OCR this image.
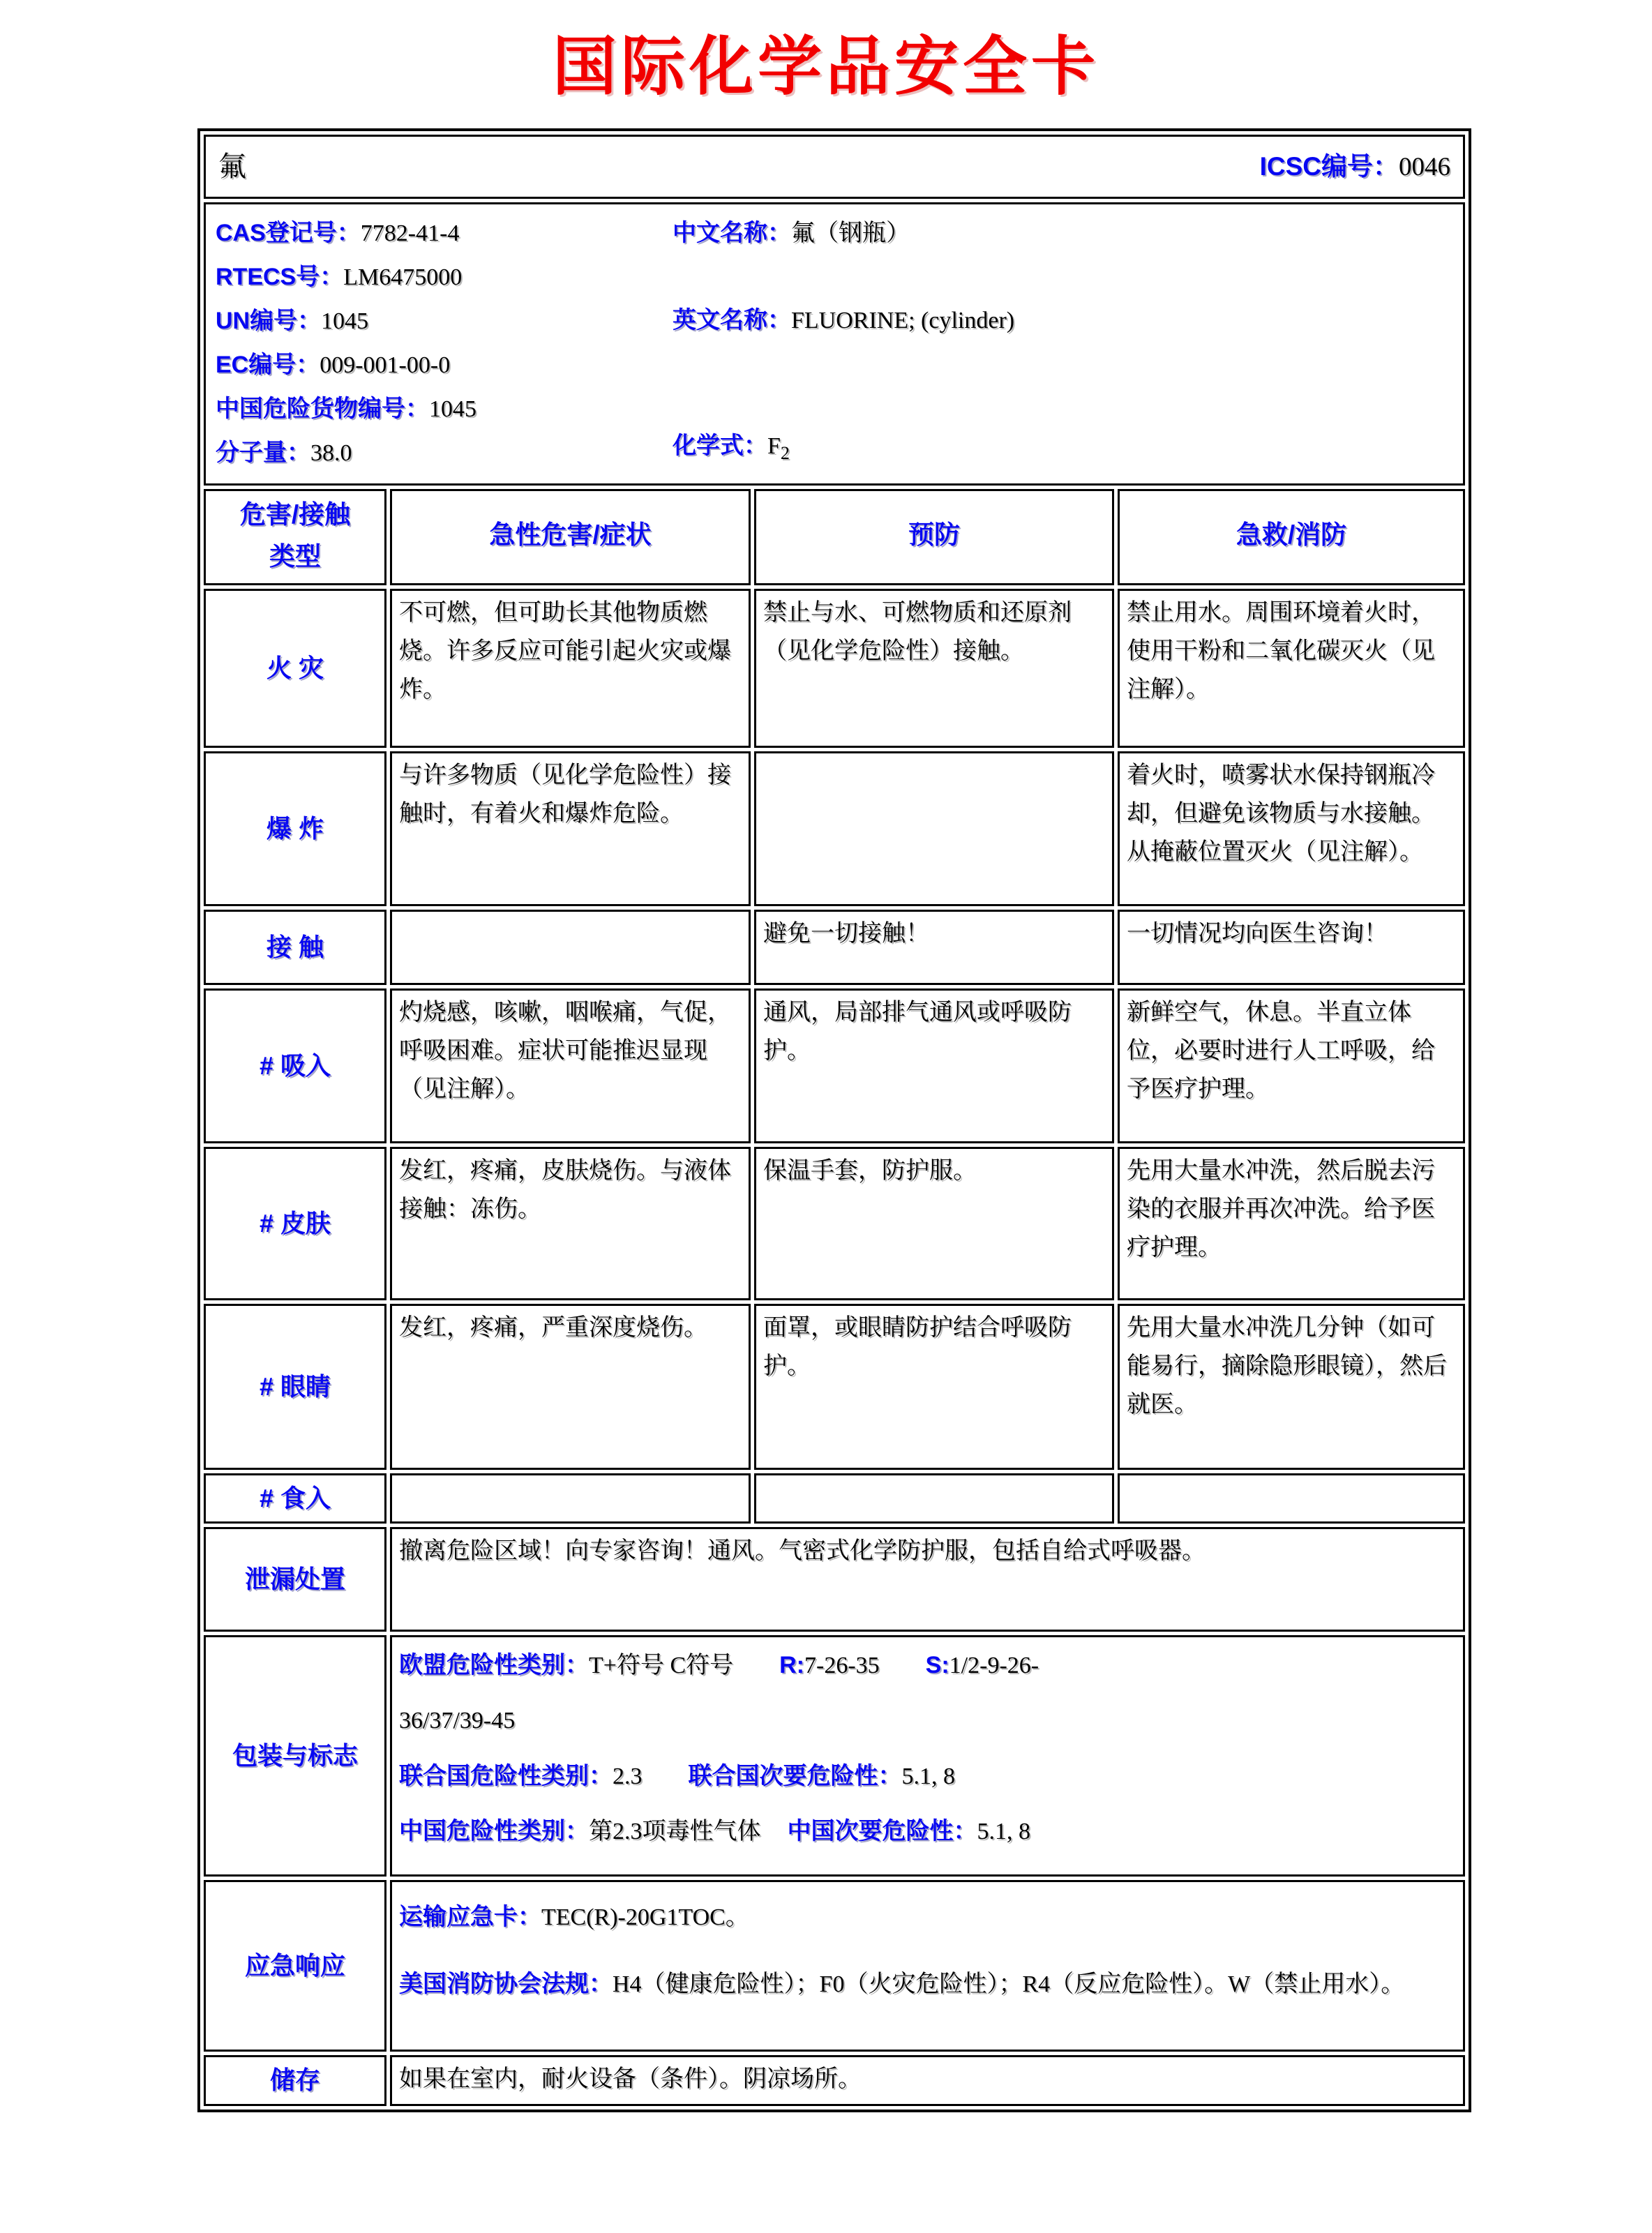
国际化学品安全卡
氟 ICSC编号：0046			

CAS登记号：7782-41-4
RTECS号：LM6475000
UN编号：1045
EC编号：009-001-00-0
中国危险货物编号：1045
分子量：38.0
中文名称：氟（钢瓶）
英文名称：FLUORINE; (cylinder)
化学式：$F_2$

危害/接触
类型	急性危害/症状	预防	急救/消防
火 灾	不可燃，但可助长其他物质燃烧。许多反应可能引起火灾或爆炸。	禁止与水、可燃物质和还原剂（见化学危险性）接触。	禁止用水。周围环境着火时，使用干粉和二氧化碳灭火（见注解）。
爆 炸	与许多物质（见化学危险性）接触时，有着火和爆炸危险。		着火时，喷雾状水保持钢瓶冷却，但避免该物质与水接触。从掩蔽位置灭火（见注解）。
接 触		避免一切接触！	一切情况均向医生咨询！
# 吸入	灼烧感，咳嗽，咽喉痛，气促，呼吸困难。症状可能推迟显现（见注解）。	通风，局部排气通风或呼吸防护。	新鲜空气，休息。半直立体位，必要时进行人工呼吸，给予医疗护理。
# 皮肤	发红，疼痛，皮肤烧伤。与液体接触：冻伤。	保温手套，防护服。	先用大量水冲洗，然后脱去污染的衣服并再次冲洗。给予医疗护理。
# 眼睛	发红，疼痛，严重深度烧伤。	面罩，或眼睛防护结合呼吸防护。	先用大量水冲洗几分钟（如可能易行，摘除隐形眼镜），然后就医。
# 食入			
泄漏处置	撤离危险区域！向专家咨询！通风。气密式化学防护服，包括自给式呼吸器。		
包装与标志	欧盟危险性类别：T+符号 C符号 R:7-26-35 S:1/2-9-26-

36/37/39-45

联合国危险性类别：2.3 联合国次要危险性：5.1, 8

中国危险性类别：第2.3项毒性气体 中国次要危险性：5.1, 8		

应急响应	运输应急卡：TEC(R)-20G1TOC。

美国消防协会法规：H4（健康危险性）；F0（火灾危险性）；R4（反应危险性）。W（禁止用水）。		

储存	如果在室内，耐火设备（条件）。阴凉场所。		
